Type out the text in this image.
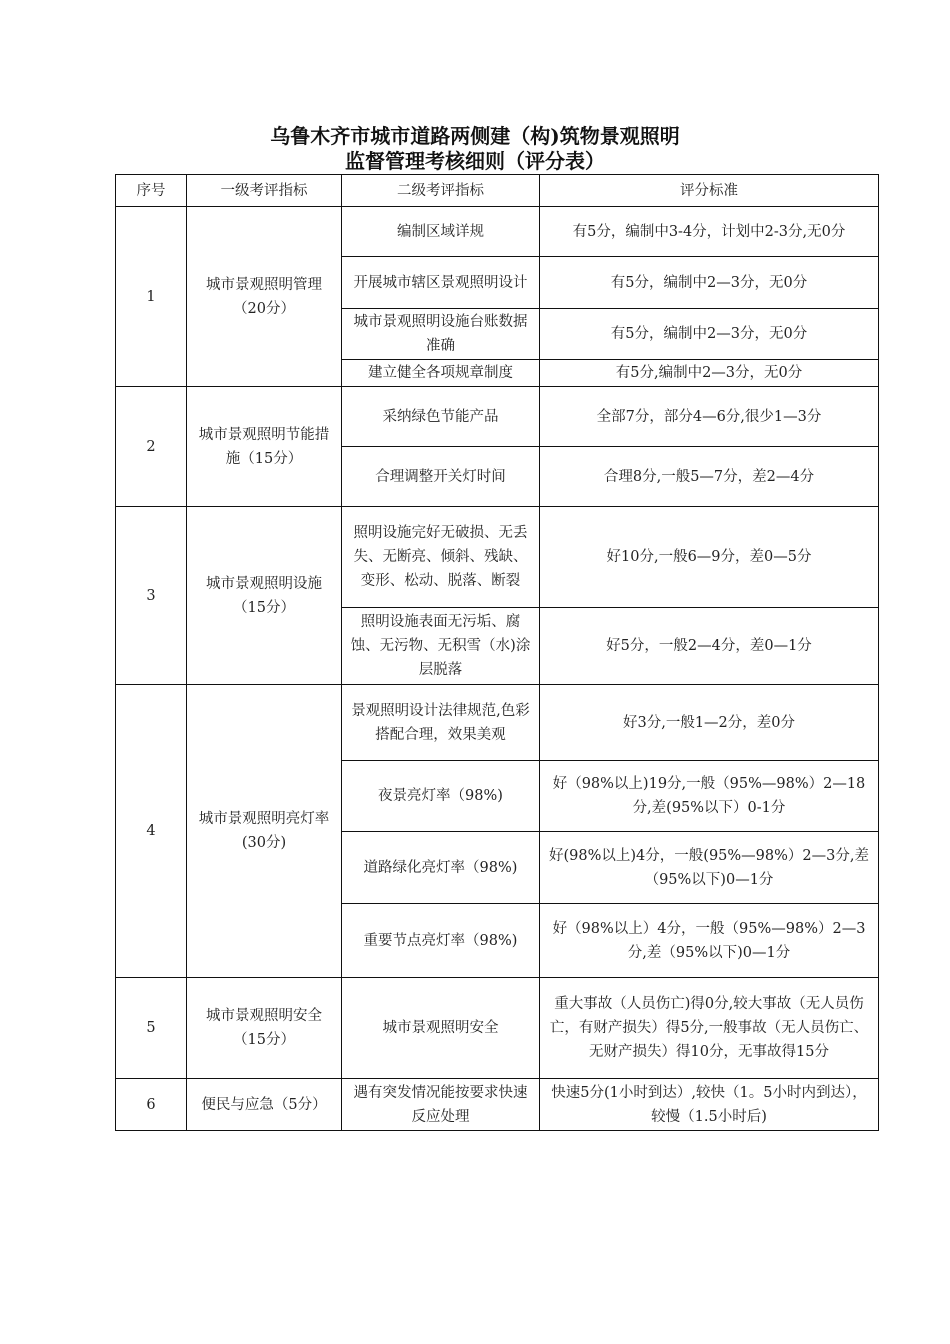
乌鲁木齐市城市道路两侧建（构)筑物景观照明
监督管理考核细则（评分表）
序号	一级考评指标	二级考评指标	评分标准
1	城市景观照明管理（20分）	编制区域详规	有5分，编制中3-4分，计划中2-3分,无0分
		开展城市辖区景观照明设计	有5分，编制中2—3分，无0分
		城市景观照明设施台账数据准确	有5分，编制中2—3分，无0分
		建立健全各项规章制度	有5分,编制中2—3分，无0分
2	城市景观照明节能措施（15分）	采纳绿色节能产品	全部7分，部分4—6分,很少1—3分
		合理调整开关灯时间	合理8分,一般5—7分，差2—4分
3	城市景观照明设施（15分）	照明设施完好无破损、无丢失、无断亮、倾斜、残缺、变形、松动、脱落、断裂	好10分,一般6—9分，差0—5分
		照明设施表面无污垢、腐蚀、无污物、无积雪（水)涂层脱落	好5分，一般2—4分，差0—1分
4	城市景观照明亮灯率(30分)	景观照明设计法律规范,色彩搭配合理，效果美观	好3分,一般1—2分，差0分
		夜景亮灯率（98%)	好（98%以上)19分,一般（95%—98%）2—18分,差(95%以下）0-1分
		道路绿化亮灯率（98%)	好(98%以上)4分，一般(95%—98%）2—3分,差（95%以下)0—1分
		重要节点亮灯率（98%)	好（98%以上）4分，一般（95%—98%）2—3分,差（95%以下)0—1分
5	城市景观照明安全（15分）	城市景观照明安全	重大事故（人员伤亡)得0分,较大事故（无人员伤亡，有财产损失）得5分,一般事故（无人员伤亡、无财产损失）得10分，无事故得15分
6	便民与应急（5分）	遇有突发情况能按要求快速反应处理	快速5分(1小时到达）,较快（1。5小时内到达），较慢（1.5小时后)
